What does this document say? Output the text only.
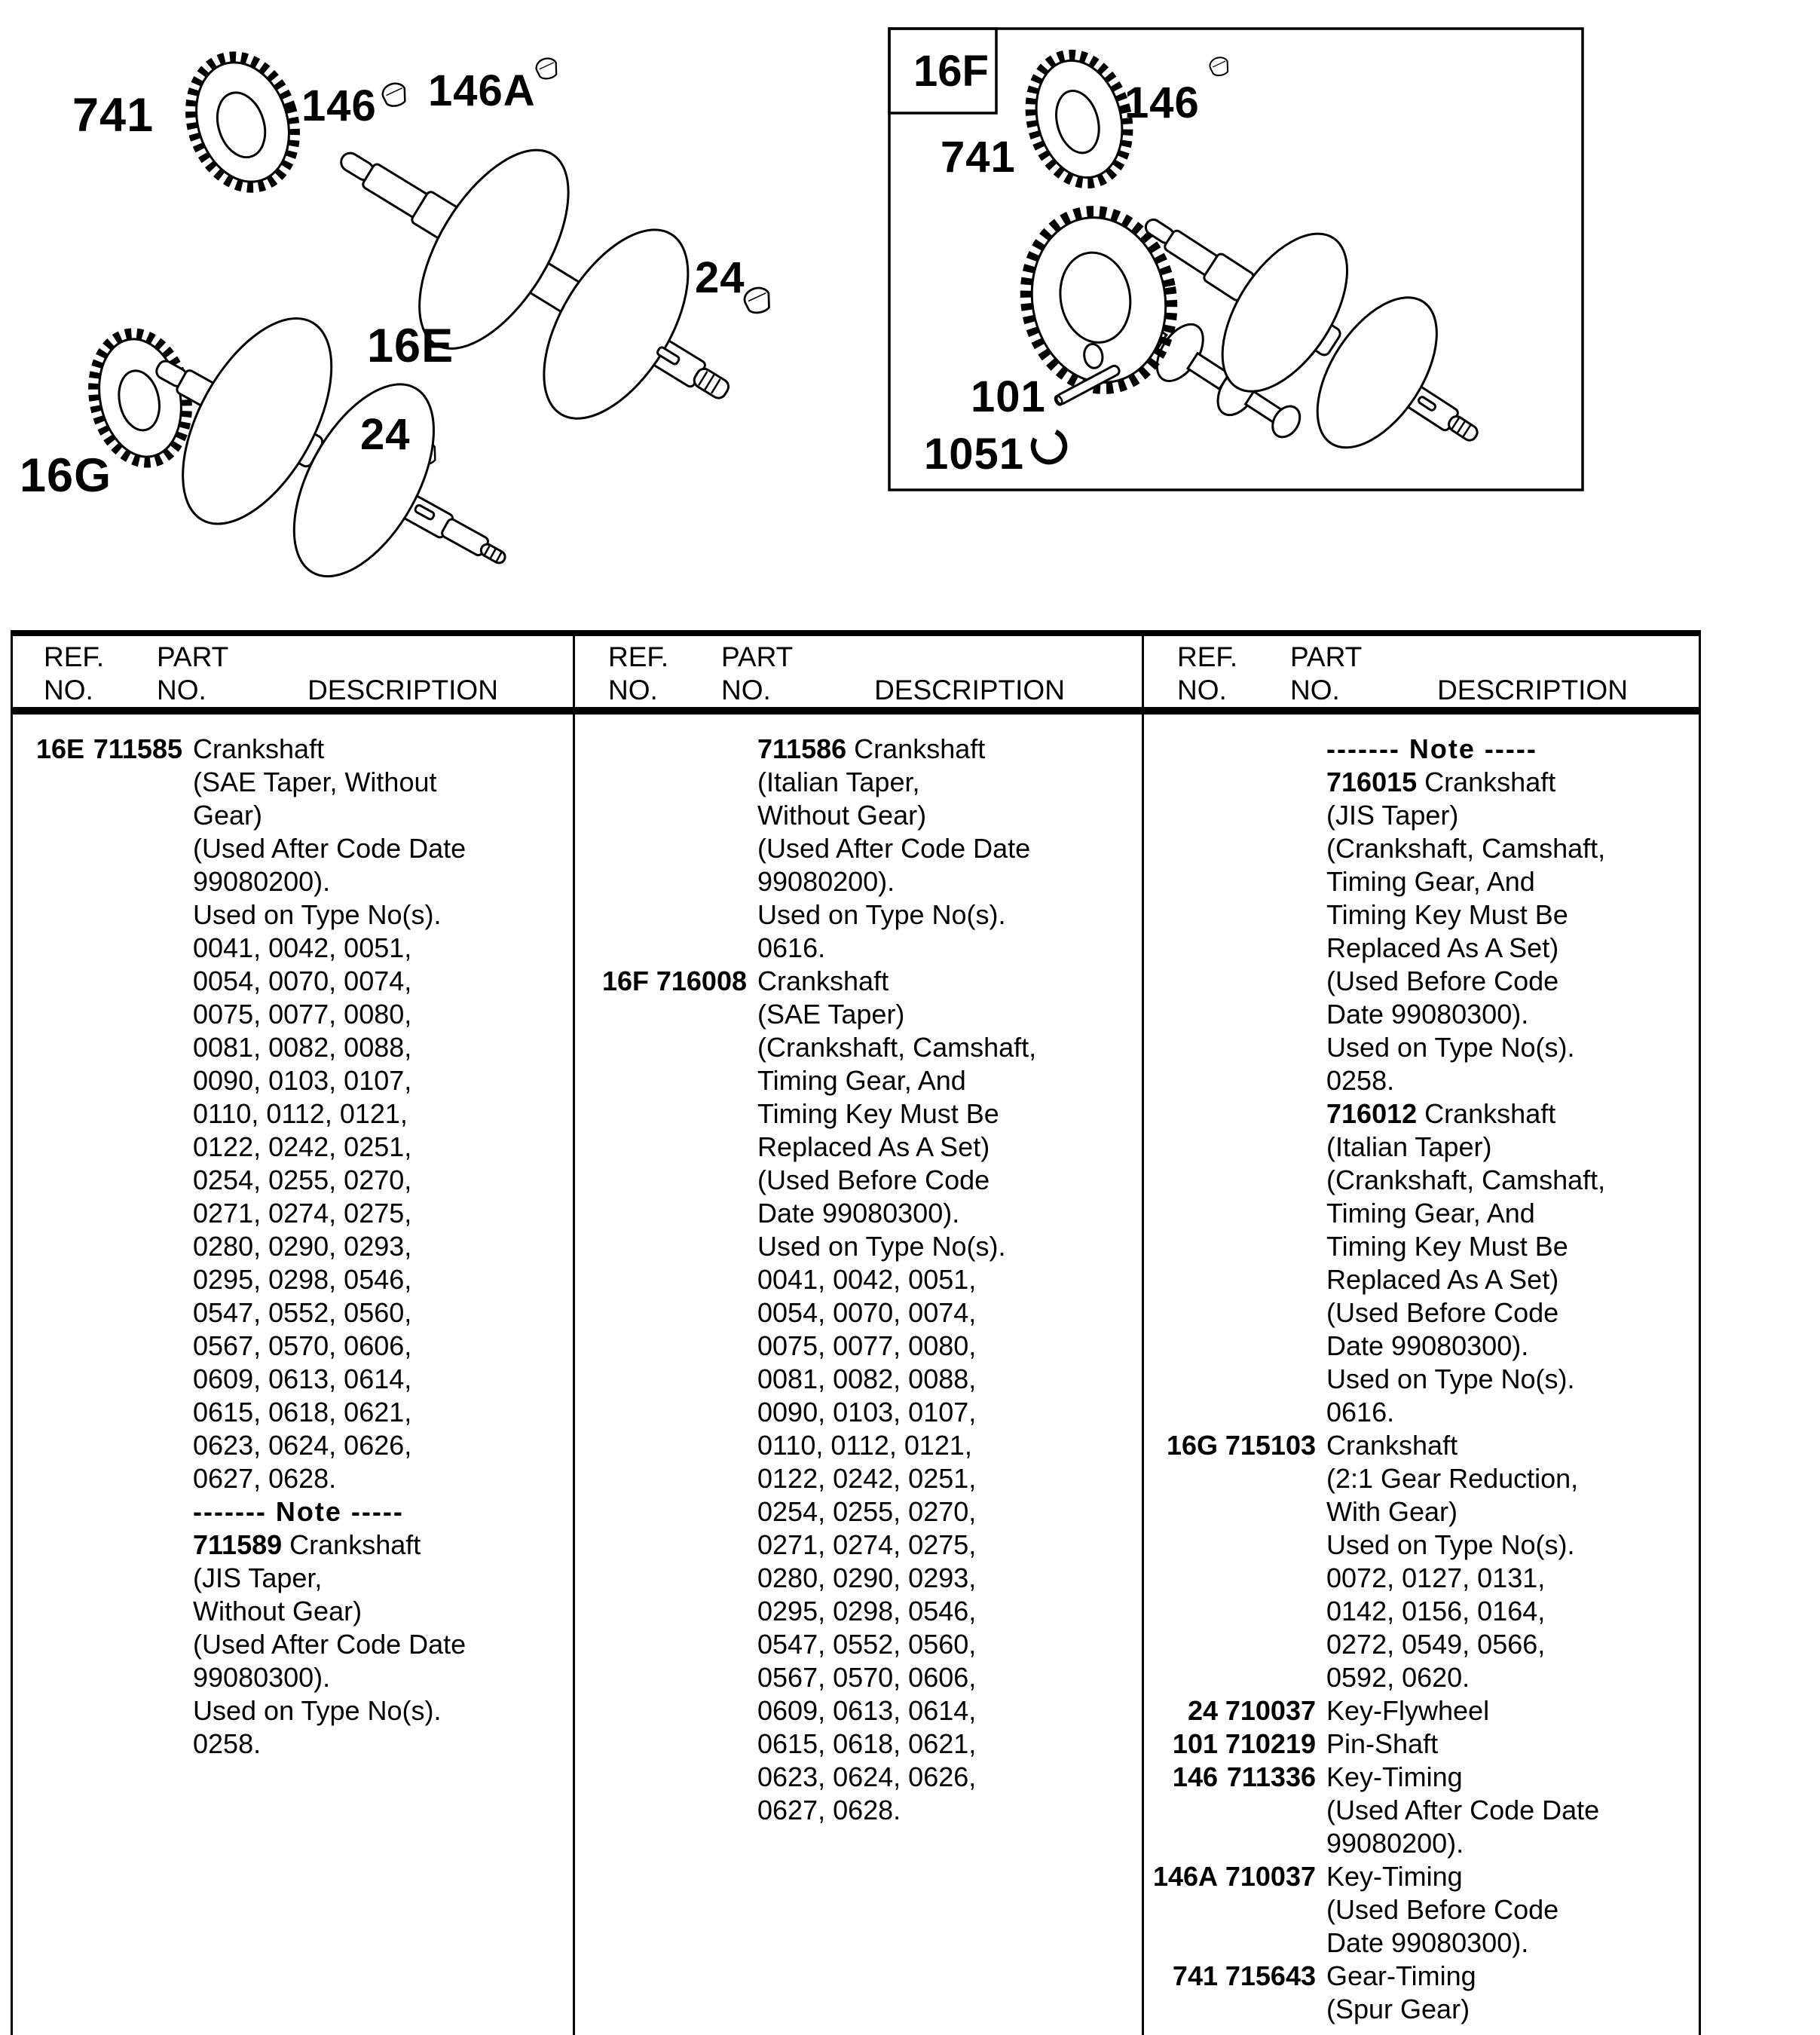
741	146 146A
24
16E
24
16G
16F
741
146
101
1051
REF.
NO.
PART
NO.	DESCRIPTION
REF.
NO.
PART
NO.	DESCRIPTION
REF.
NO.
PART
NO.	DESCRIPTION
16E 711585 Crankshaft
(SAE Taper, Without
Gear)
(Used After Code Date
99080200).
Used on Type No(s).
0041, 0042, 0051,
0054, 0070, 0074,
0075, 0077, 0080,
0081, 0082, 0088,
0090, 0103, 0107,
0110, 0112, 0121,
0122, 0242, 0251,
0254, 0255, 0270,
0271, 0274, 0275,
0280, 0290, 0293,
0295, 0298, 0546,
0547, 0552, 0560,
0567, 0570, 0606,
0609, 0613, 0614,
0615, 0618, 0621,
0623, 0624, 0626,
0627, 0628.
------- Note -----
711589 Crankshaft
(JIS Taper,
Without Gear)
(Used After Code Date
99080300).
Used on Type No(s).
0258.
711586 Crankshaft
(Italian Taper,
Without Gear)
(Used After Code Date
99080200).
Used on Type No(s).
0616.
16F 716008 Crankshaft
(SAE Taper)
(Crankshaft, Camshaft,
Timing Gear, And
Timing Key Must Be
Replaced As A Set)
(Used Before Code
Date 99080300).
Used on Type No(s).
0041, 0042, 0051,
0054, 0070, 0074,
0075, 0077, 0080,
0081, 0082, 0088,
0090, 0103, 0107,
0110, 0112, 0121,
0122, 0242, 0251,
0254, 0255, 0270,
0271, 0274, 0275,
0280, 0290, 0293,
0295, 0298, 0546,
0547, 0552, 0560,
0567, 0570, 0606,
0609, 0613, 0614,
0615, 0618, 0621,
0623, 0624, 0626,
0627, 0628.
------- Note -----
716015 Crankshaft
(JIS Taper)
(Crankshaft, Camshaft,
Timing Gear, And
Timing Key Must Be
Replaced As A Set)
(Used Before Code
Date 99080300).
Used on Type No(s).
0258.
716012 Crankshaft
(Italian Taper)
(Crankshaft, Camshaft,
Timing Gear, And
Timing Key Must Be
Replaced As A Set)
(Used Before Code
Date 99080300).
Used on Type No(s).
0616.
16G 715103 Crankshaft
(2:1 Gear Reduction,
With Gear)
Used on Type No(s).
0072, 0127, 0131,
0142, 0156, 0164,
0272, 0549, 0566,
0592, 0620.
24 710037 Key-Flywheel
101 710219 Pin-Shaft
146 711336 Key-Timing
(Used After Code Date
99080200).
146A 710037 Key-Timing
(Used Before Code
Date 99080300).
741 715643 Gear-Timing
(Spur Gear)
